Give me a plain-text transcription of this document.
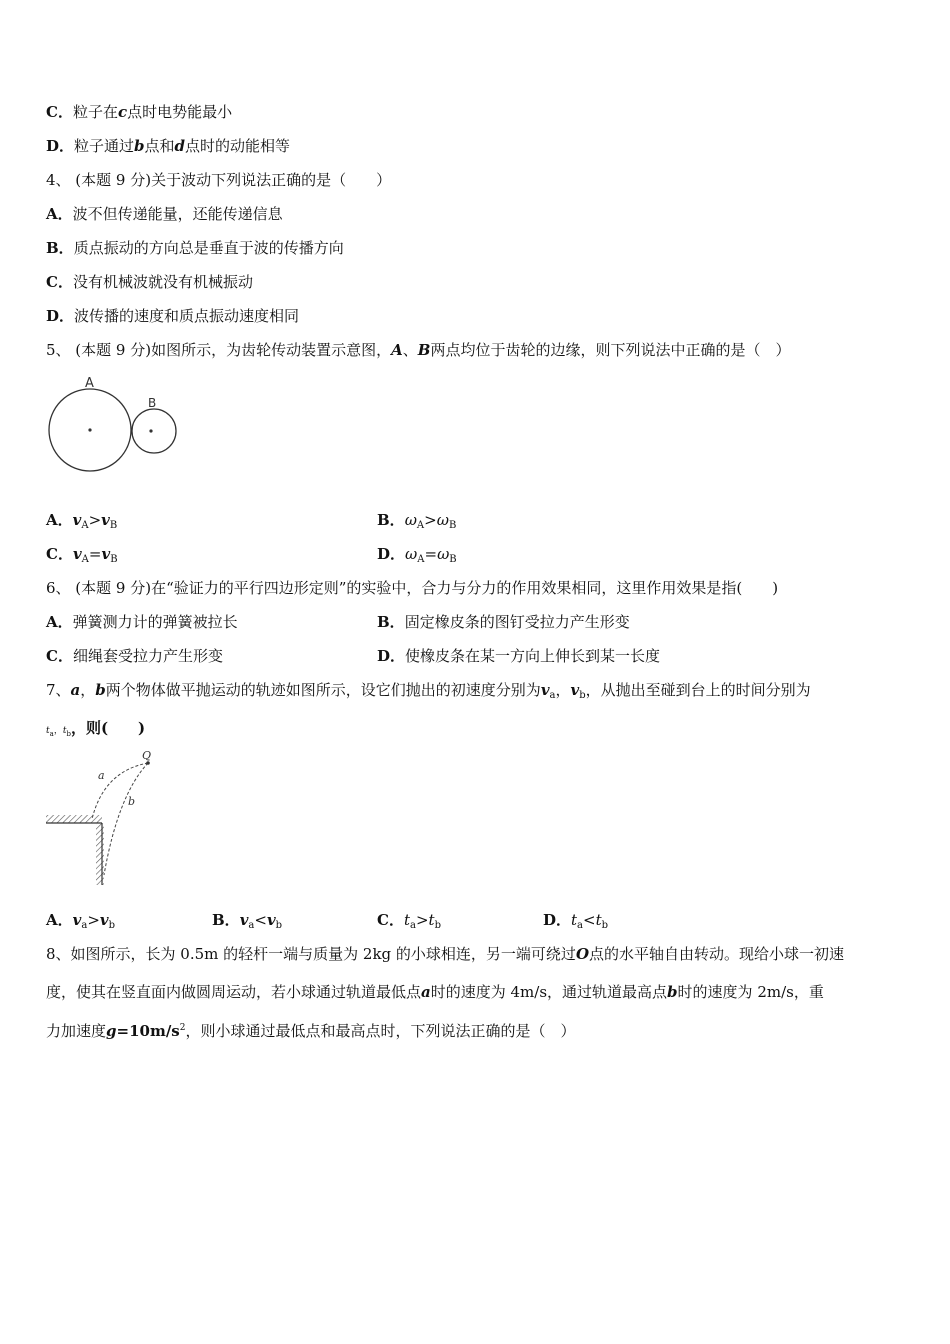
C．粒子在c点时电势能最小
D．粒子通过b点和d点时的动能相等
4、 (本题 9 分)关于波动下列说法正确的是（　　）
A．波不但传递能量，还能传递信息
B．质点振动的方向总是垂直于波的传播方向
C．没有机械波就没有机械振动
D．波传播的速度和质点振动速度相同
5、 (本题 9 分)如图所示，为齿轮传动装置示意图，A、B两点均位于齿轮的边缘，则下列说法中正确的是（　）
A
B
A．$v_A>v_B$	B．$\omega_A>\omega_B$
C．$v_A=v_B$	D．$\omega_A=\omega_B$
6、 (本题 9 分)在“验证力的平行四边形定则”的实验中，合力与分力的作用效果相同，这里作用效果是指(　　)
A．弹簧测力计的弹簧被拉长	B．固定橡皮条的图钉受拉力产生形变
C．细绳套受拉力产生形变	D．使橡皮条在某一方向上伸长到某一长度
7、a，b两个物体做平抛运动的轨迹如图所示，设它们抛出的初速度分别为$v_a$，$v_b$，从抛出至碰到台上的时间分别为
$t_a$，$t_b$，则(　　)
Q
a
b
A．$v_a>v_b$	B．$v_a<v_b$	C．$t_a>t_b$	D．$t_a<t_b$
8、如图所示，长为 0.5m 的轻杆一端与质量为 2kg 的小球相连，另一端可绕过O点的水平轴自由转动。现给小球一初速
度，使其在竖直面内做圆周运动，若小球通过轨道最低点a时的速度为 4m/s，通过轨道最高点b时的速度为 2m/s，重
力加速度$g=10m/s^2$，则小球通过最低点和最高点时，下列说法正确的是（　）
